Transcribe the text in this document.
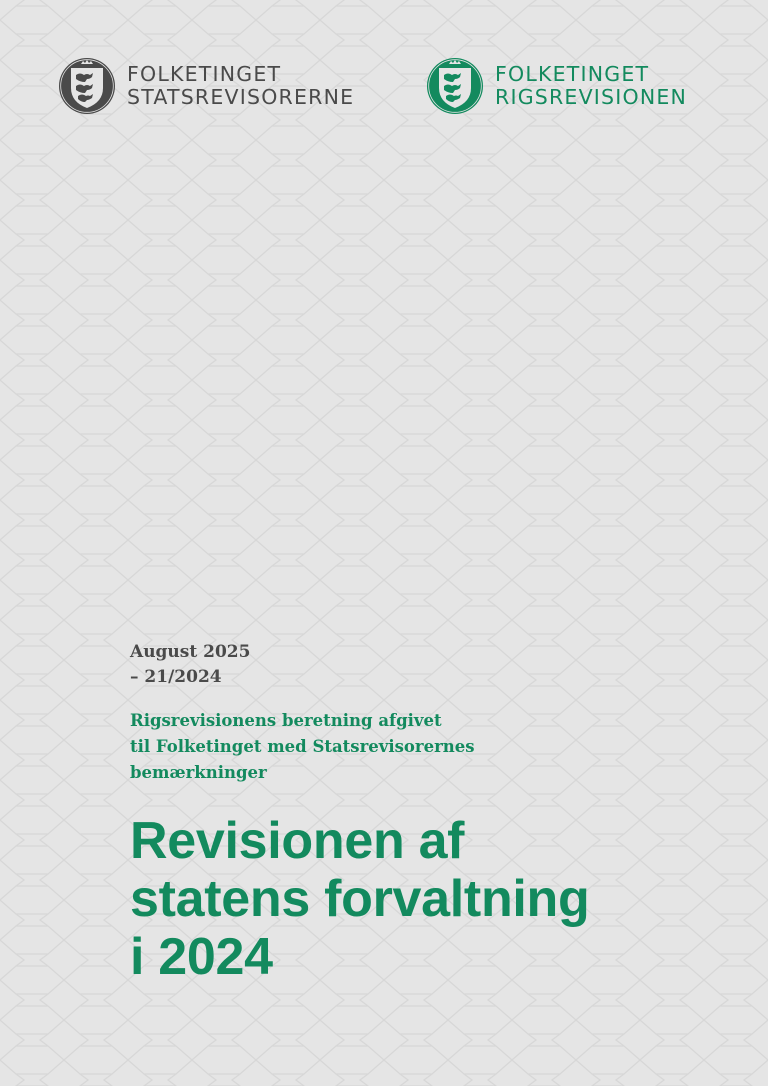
FOLKETINGET
STATSREVISORERNE
FOLKETINGET
RIGSREVISIONEN

August 2025

– 21/2024

Rigsrevisionens beretning afgivet
til Folketinget med Statsrevisorernes
bemærkninger
Revisionen af
statens forvaltning
i 2024
